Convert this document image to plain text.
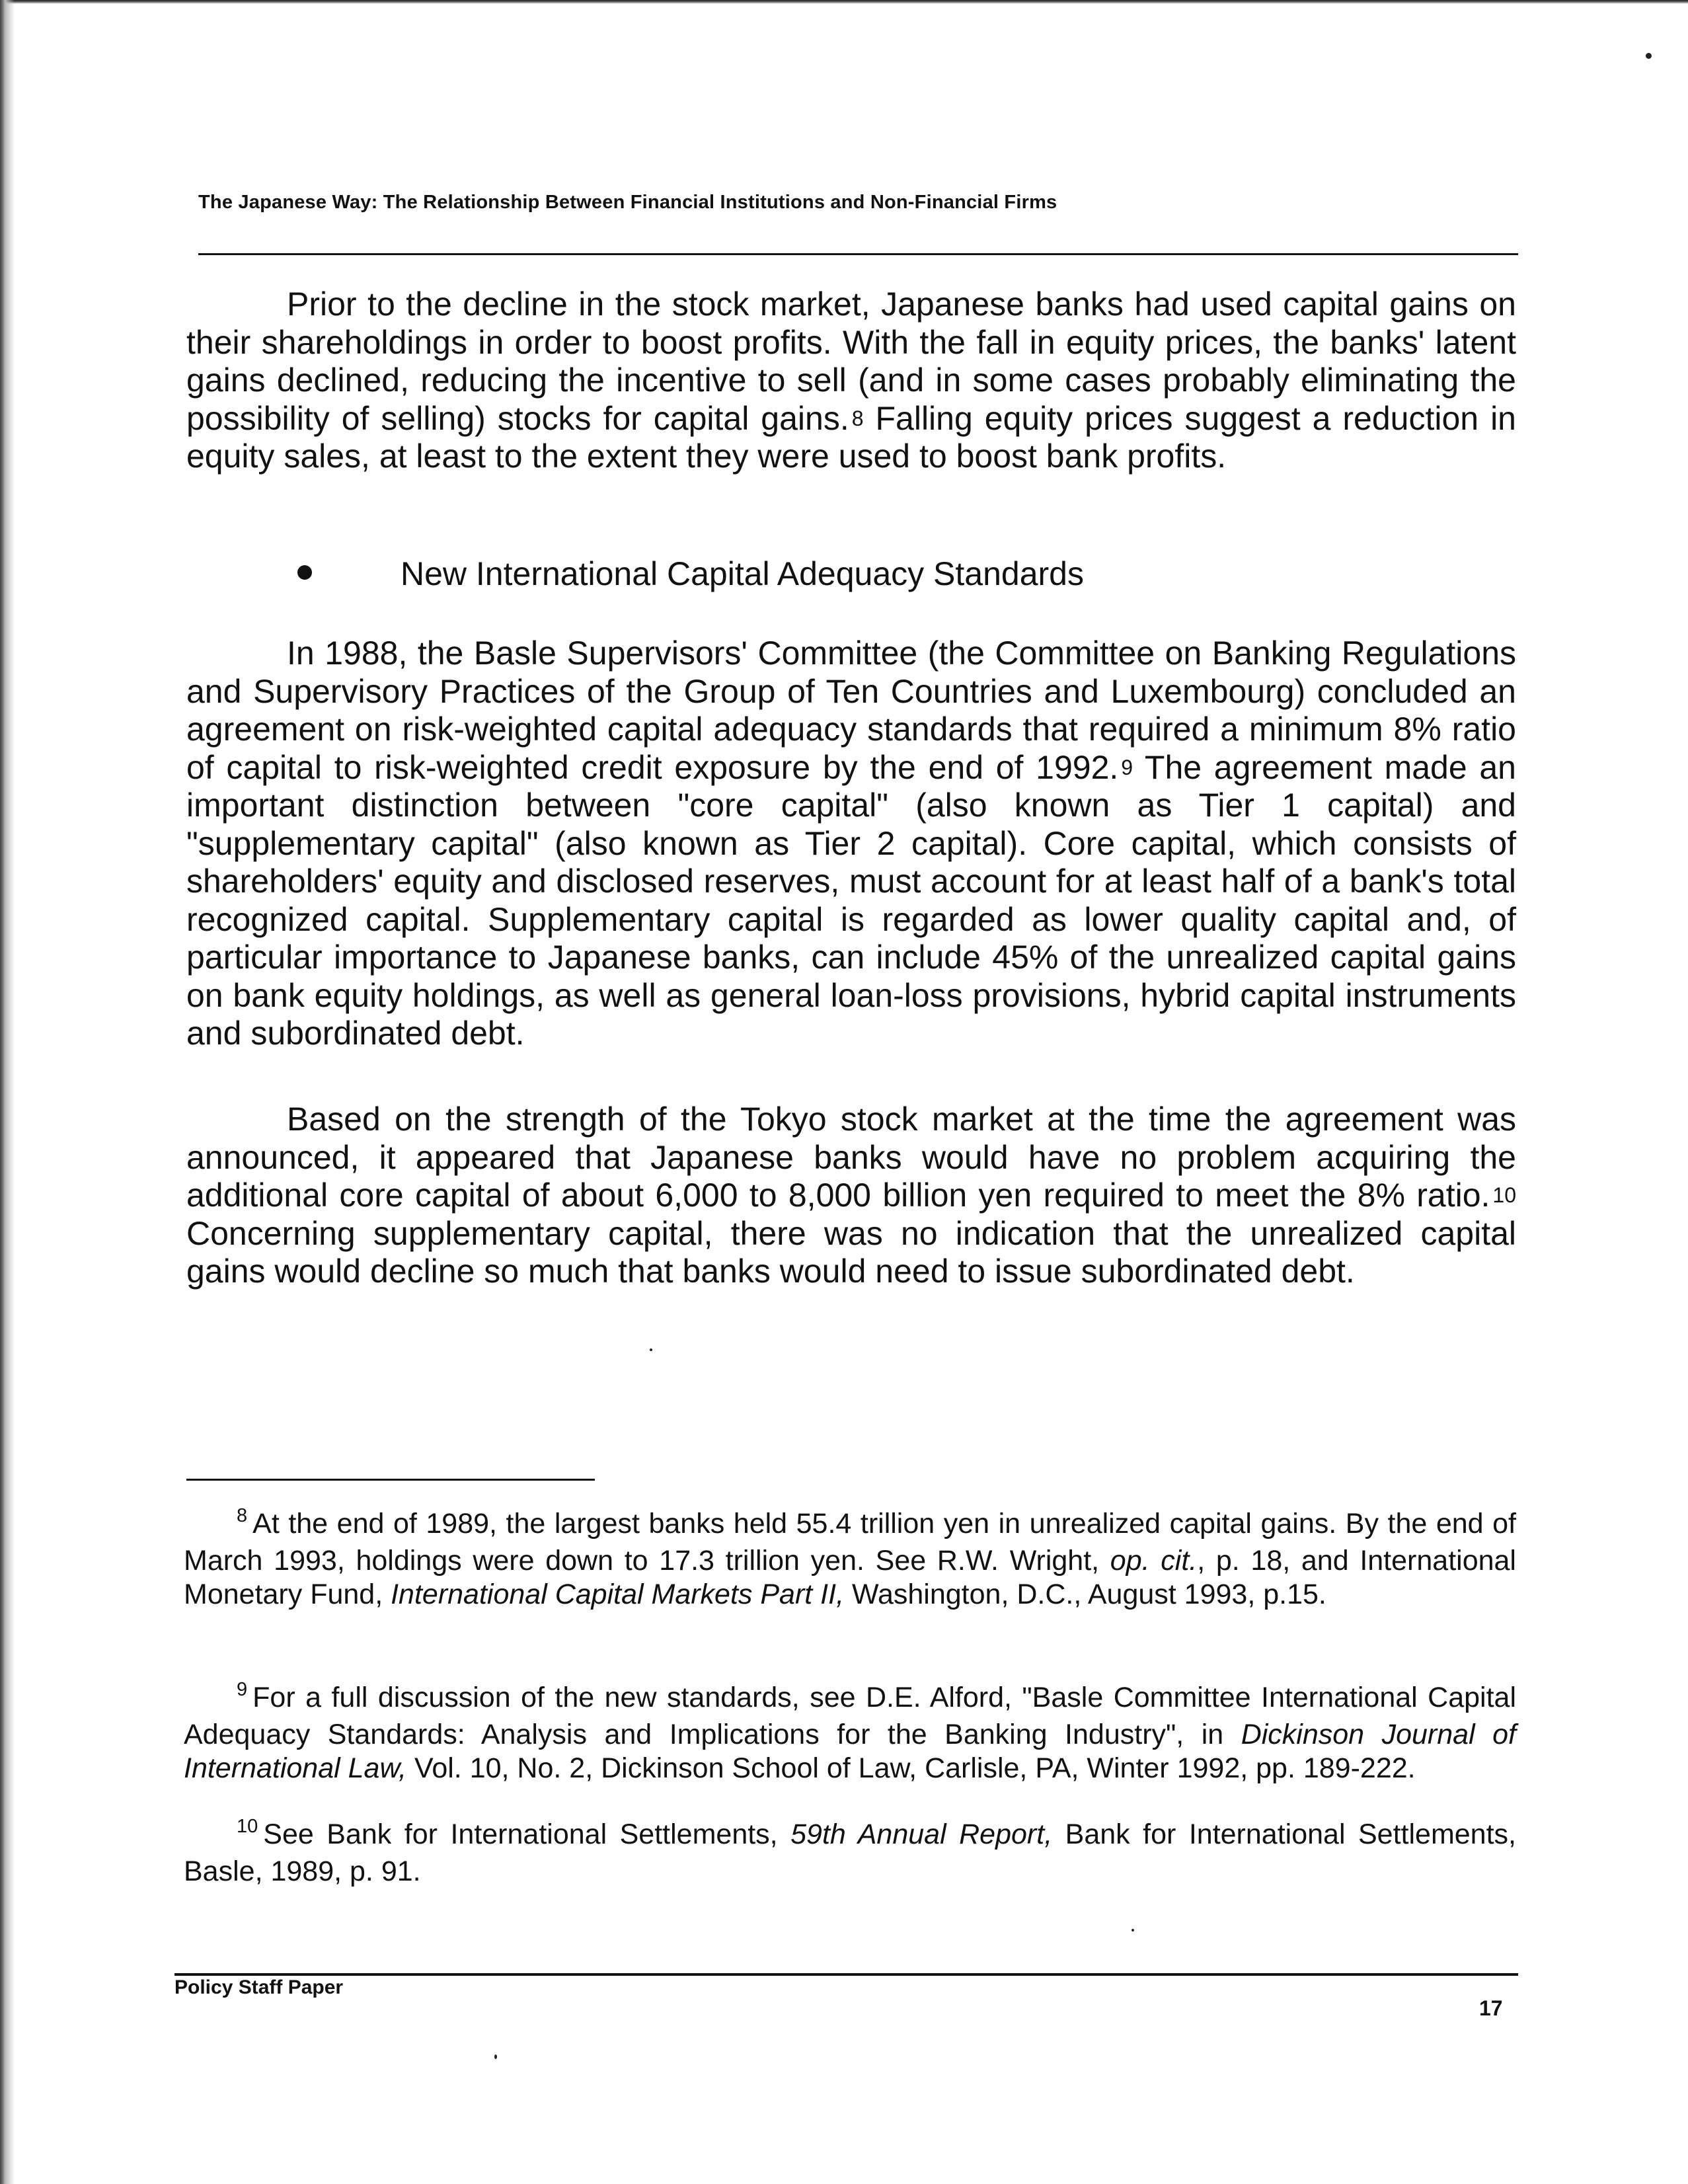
The Japanese Way: The Relationship Between Financial Institutions and Non-Financial Firms
Prior to the decline in the stock market, Japanese banks had used capital gains on their shareholdings in order to boost profits. With the fall in equity prices, the banks' latent gains declined, reducing the incentive to sell (and in some cases probably eliminating the possibility of selling) stocks for capital gains. $^8$ Falling equity prices suggest a reduction in equity sales, at least to the extent they were used to boost bank profits.
New International Capital Adequacy Standards
In 1988, the Basle Supervisors' Committee (the Committee on Banking Regulations and Supervisory Practices of the Group of Ten Countries and Luxembourg) concluded an agreement on risk-weighted capital adequacy standards that required a minimum 8% ratio of capital to risk-weighted credit exposure by the end of 1992. $^9$ The agreement made an important distinction between "core capital" (also known as Tier 1 capital) and "supplementary capital" (also known as Tier 2 capital). Core capital, which consists of shareholders' equity and disclosed reserves, must account for at least half of a bank's total recognized capital. Supplementary capital is regarded as lower quality capital and, of particular importance to Japanese banks, can include 45% of the unrealized capital gains on bank equity holdings, as well as general loan-loss provisions, hybrid capital instruments and subordinated debt.
Based on the strength of the Tokyo stock market at the time the agreement was announced, it appeared that Japanese banks would have no problem acquiring the additional core capital of about 6,000 to 8,000 billion yen required to meet the 8% ratio. $^{10}$ Concerning supplementary capital, there was no indication that the unrealized capital gains would decline so much that banks would need to issue subordinated debt.
$^8$ At the end of 1989, the largest banks held 55.4 trillion yen in unrealized capital gains. By the end of March 1993, holdings were down to 17.3 trillion yen. See R.W. Wright, op. cit., p. 18, and International Monetary Fund, International Capital Markets Part II, Washington, D.C., August 1993, p.15.
$^9$ For a full discussion of the new standards, see D.E. Alford, "Basle Committee International Capital Adequacy Standards: Analysis and Implications for the Banking Industry", in Dickinson Journal of International Law, Vol. 10, No. 2, Dickinson School of Law, Carlisle, PA, Winter 1992, pp. 189-222.
$^{10}$ See Bank for International Settlements, 59th Annual Report, Bank for International Settlements, Basle, 1989, p. 91.
Policy Staff Paper
17
